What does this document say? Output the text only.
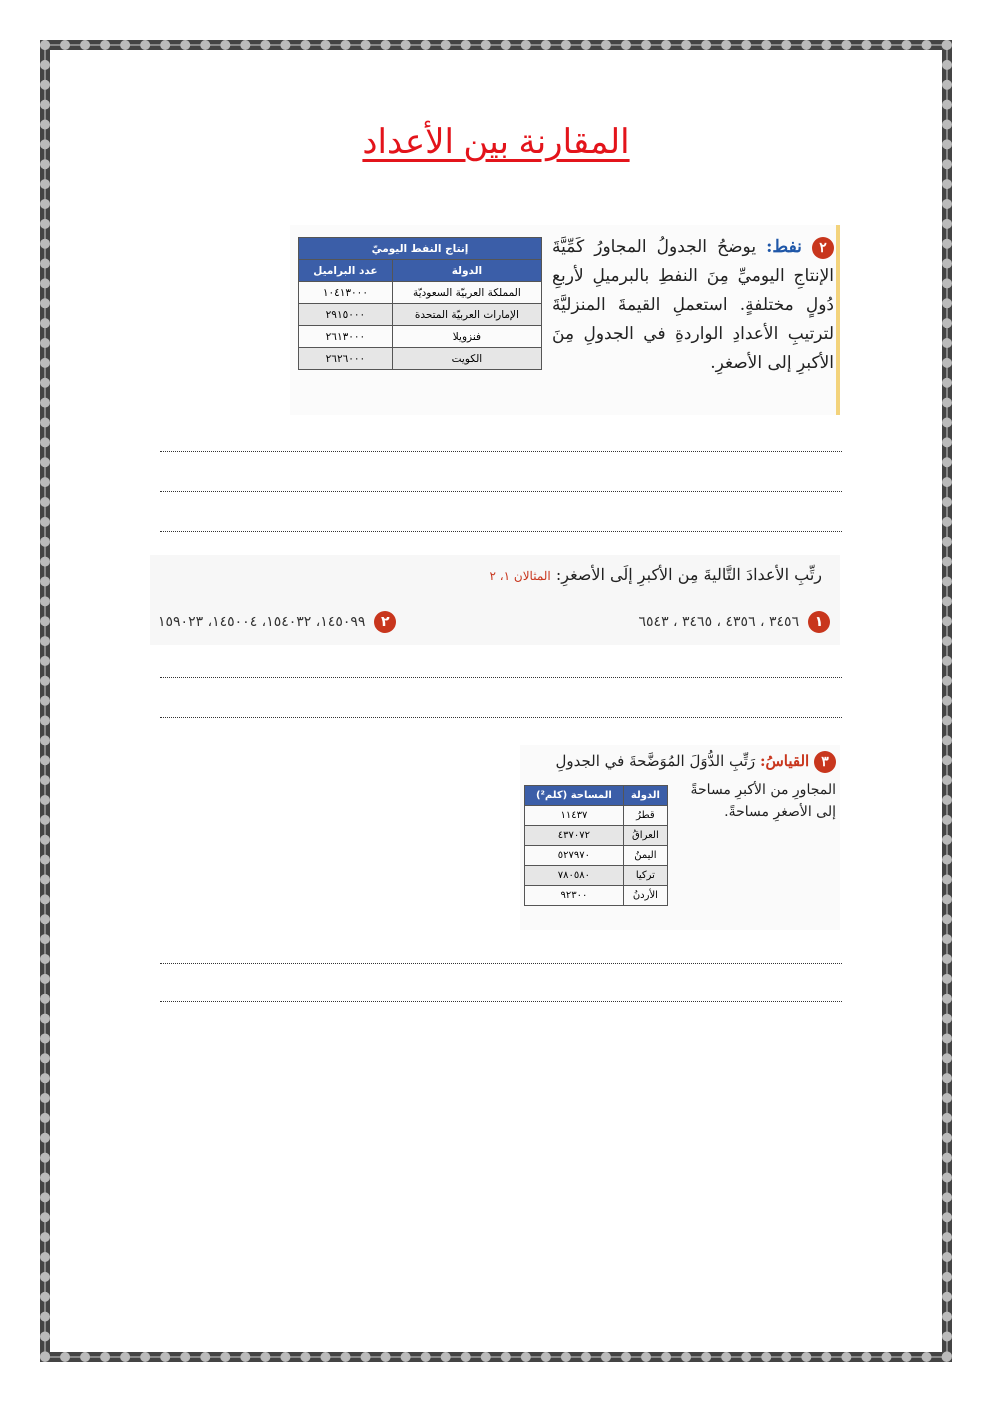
المقارنة بين الأعداد
٢ نفط: يوضحُ الجدولُ المجاورُ كَمِّيَّةَ الإنتاجِ اليوميِّ مِنَ النفطِ بالبرميلِ لأربعِ دُولٍ مختلفةٍ. استعملِ القيمةَ المنزليَّةَ لترتيبِ الأعدادِ الواردةِ في الجدولِ مِنَ الأكبرِ إلى الأصغرِ.
إنتاج النفط اليوميّ	
الدولة	عدد البراميل
المملكة العربيّة السعوديّة	١٠٤١٣٠٠٠
الإمارات العربيّة المتحدة	٢٩١٥٠٠٠
فنزويلا	٢٦١٣٠٠٠
الكويت	٢٦٢٦٠٠٠
رتِّبِ الأعدادَ التَّاليةَ مِن الأكبرِ إلَى الأصغرِ: المثالان ١، ٢
١  ٣٤٥٦ ، ٤٣٥٦ ، ٣٤٦٥ ، ٦٥٤٣
٢  ١٤٥٠٩٩، ١٥٤٠٣٢، ١٤٥٠٠٤، ١٥٩٠٢٣
٣ القياسُ: رَتِّبِ الدُّوَلَ المُوَضَّحةَ في الجدولِ
المجاورِ من الأكبرِ مساحةً إلى الأصغرِ مساحةً.
الدولة	المساحة (كلم²)
قطرُ	١١٤٣٧
العراقُ	٤٣٧٠٧٢
اليمنُ	٥٢٧٩٧٠
تركيا	٧٨٠٥٨٠
الأردنُ	٩٢٣٠٠
